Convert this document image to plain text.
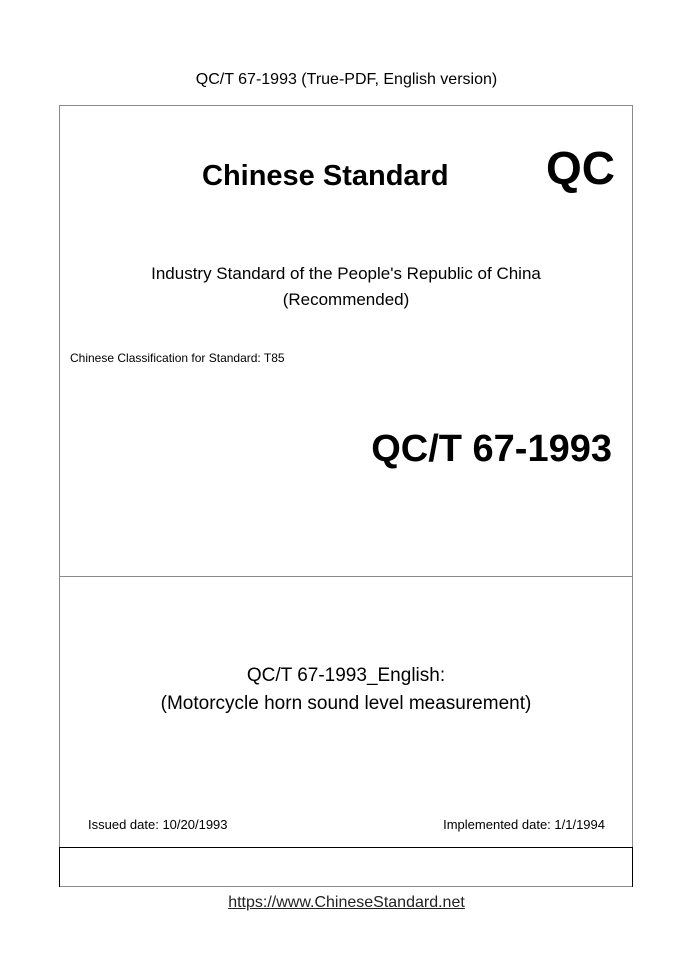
QC/T 67-1993 (True-PDF, English version)
Chinese Standard QC
Industry Standard of the People's Republic of China
(Recommended)
Chinese Classification for Standard: T85
QC/T 67-1993
QC/T 67-1993_English:
(Motorcycle horn sound level measurement)
Issued date: 10/20/1993	Implemented date: 1/1/1994
https://www.ChineseStandard.net
